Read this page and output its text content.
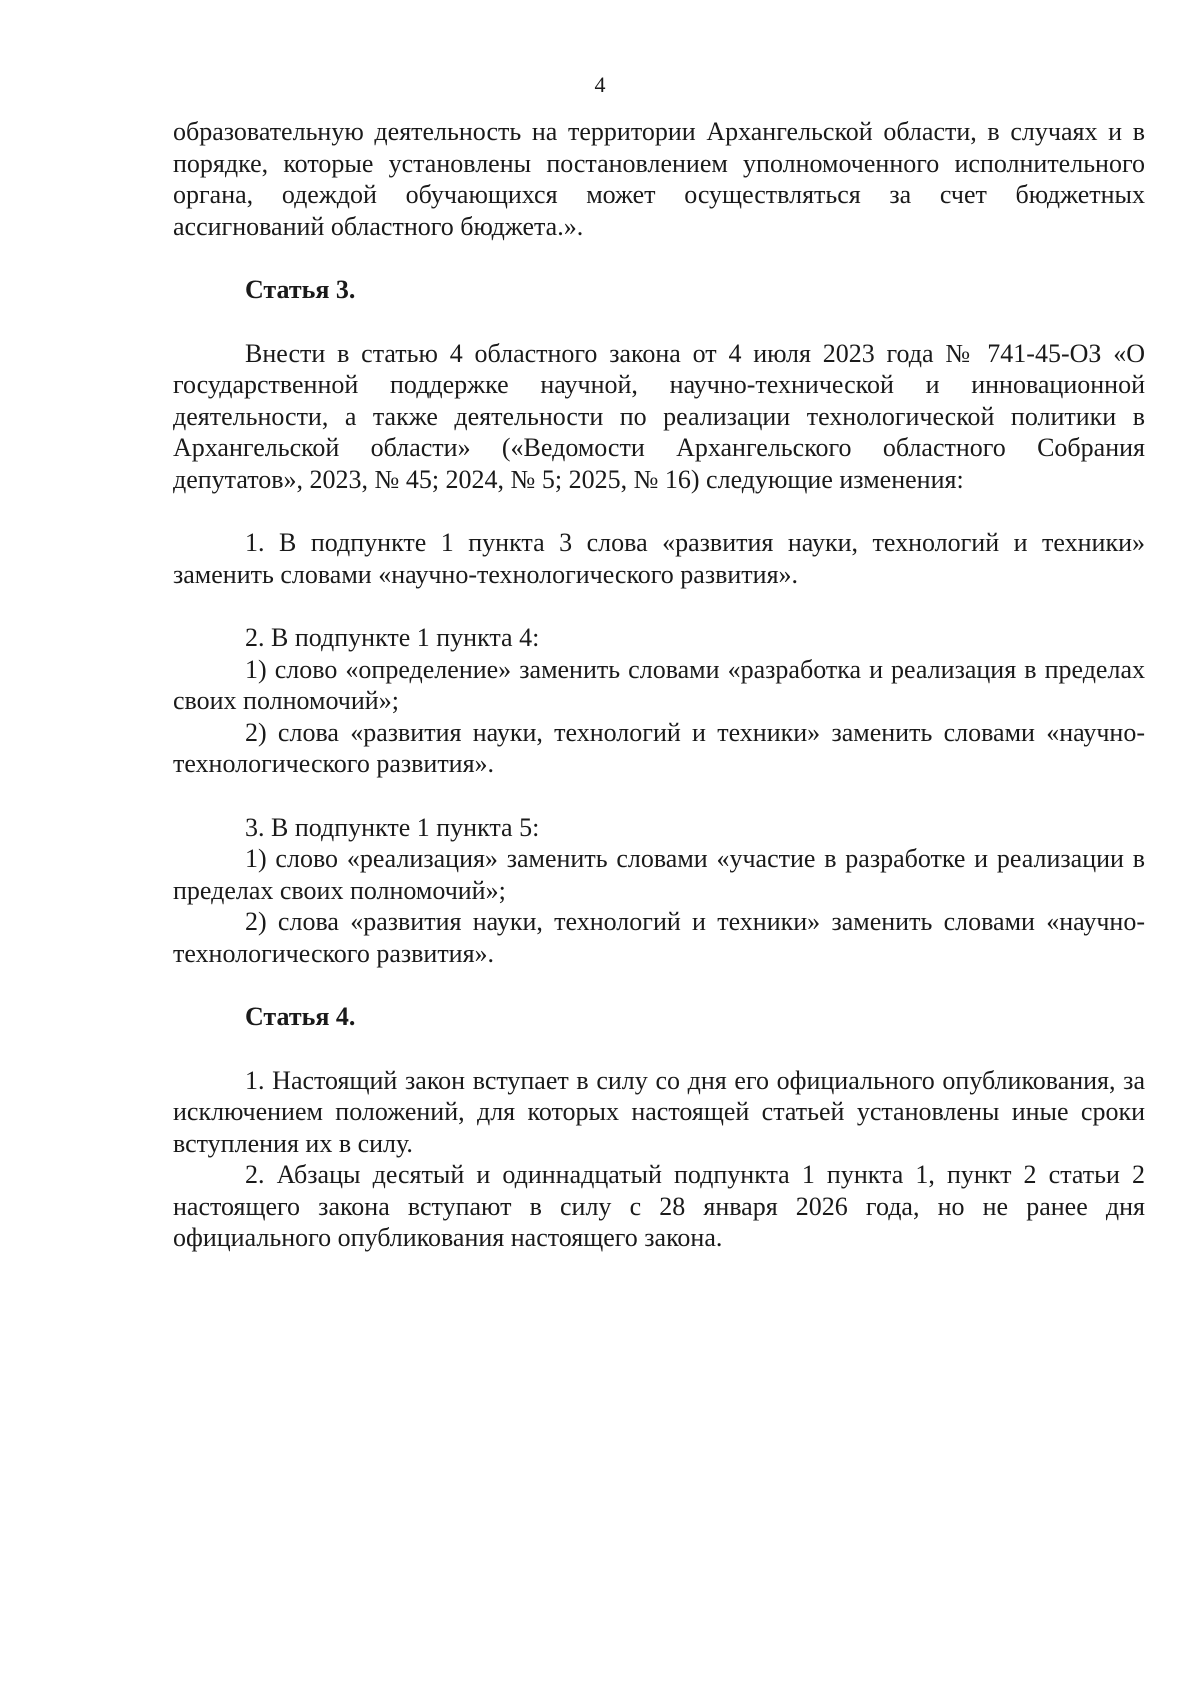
4

образовательную деятельность на территории Архангельской области, в случаях и в порядке, которые установлены постановлением уполномоченного исполнительного органа, одеждой обучающихся может осуществляться за счет бюджетных ассигнований областного бюджета.».

Статья 3.

Внести в статью 4 областного закона от 4 июля 2023 года № 741-45-ОЗ «О государственной поддержке научной, научно-технической и инновационной деятельности, а также деятельности по реализации технологической политики в Архангельской области» («Ведомости Архангельского областного Собрания депутатов», 2023, № 45; 2024, № 5; 2025, № 16) следующие изменения:

1. В подпункте 1 пункта 3 слова «развития науки, технологий и техники» заменить словами «научно-технологического развития».

2. В подпункте 1 пункта 4:

1) слово «определение» заменить словами «разработка и реализация в пределах своих полномочий»;

2) слова «развития науки, технологий и техники» заменить словами «научно-технологического развития».

3. В подпункте 1 пункта 5:

1) слово «реализация» заменить словами «участие в разработке и реализации в пределах своих полномочий»;

2) слова «развития науки, технологий и техники» заменить словами «научно-технологического развития».

Статья 4.

1. Настоящий закон вступает в силу со дня его официального опубликования, за исключением положений, для которых настоящей статьей установлены иные сроки вступления их в силу.

2. Абзацы десятый и одиннадцатый подпункта 1 пункта 1, пункт 2 статьи 2 настоящего закона вступают в силу с 28 января 2026 года, но не ранее дня официального опубликования настоящего закона.
